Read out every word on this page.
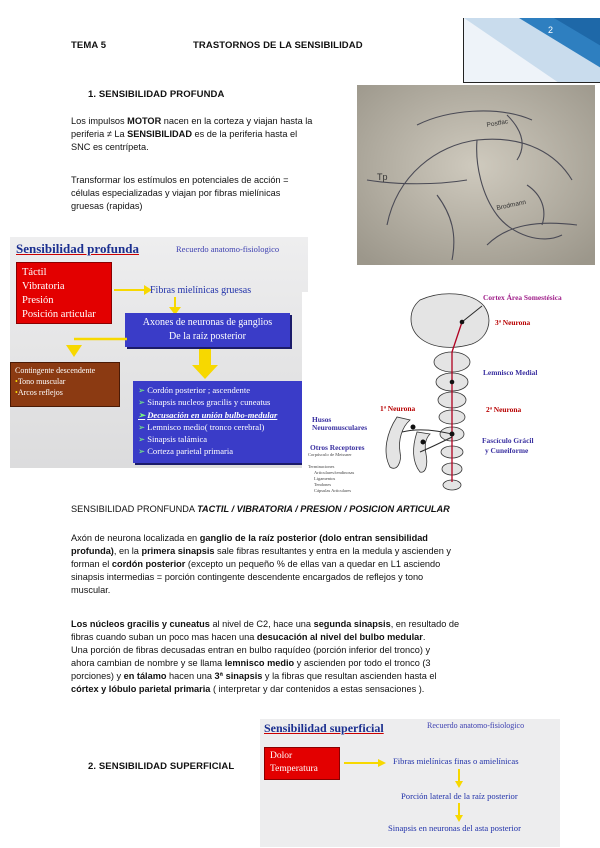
TEMA 5	TRASTORNOS DE LA SENSIBILIDAD
2
1. SENSIBILIDAD PROFUNDA
Los impulsos MOTOR nacen en la corteza y viajan hasta la
periferia ≠ La SENSIBILIDAD es de la periferia hasta el
SNC es centrípeta.
Transformar los estímulos en potenciales de acción =
células especializadas y viajan por fibras mielínicas
gruesas (rapidas)
Tp
Postfac
Brodmann
Sensibilidad profunda	Recuerdo anatomo-fisiologico
Táctil
Vibratoria
Presión
Posición articular
Fibras mielínicas gruesas
Axones de neuronas de ganglios
De la raíz posterior
Contingente descendente
•Tono muscular
•Arcos reflejos	➢ Cordón posterior ; ascendente
➢ Sinapsis nucleos gracilis y cuneatus
➢ Decusación en unión bulbo-medular
➢ Lemnisco medio( tronco cerebral)
➢ Sinapsis talámica
➢ Corteza parietal primaria
Cortex Área Somestésica
3ª Neurona
Lemnisco Medial
1ª Neurona	2ª Neurona
Husos
Neuromusculares
Otros Receptores
Fascículo Grácil
y Cuneiforme
Corpúsculo de Meissner
Terminaciones
Articulares/tendinosas
Ligamentos
Tendones
Cápsulas Articulares
SENSIBILIDAD PRONFUNDA TACTIL / VIBRATORIA / PRESION / POSICION ARTICULAR
Axón de neurona localizada en ganglio de la raíz posterior (dolo entran sensibilidad
profunda), en la primera sinapsis sale fibras resultantes y entra en la medula y ascienden y
forman el cordón posterior (excepto un pequeño % de ellas van a quedar en L1 asciendo
sinapsis intermedias = porción contingente descendente encargados de reflejos y tono
muscular.
Los núcleos gracilis y cuneatus al nivel de C2, hace una segunda sinapsis, en resultado de
fibras cuando suban un poco mas hacen una desucación al nivel del bulbo medular.
Una porción de fibras decusadas entran en bulbo raquídeo (porción inferior del tronco) y
ahora cambian de nombre y se llama lemnisco medio y ascienden por todo el tronco (3
porciones) y en tálamo hacen una 3ª sinapsis y la fibras que resultan ascienden hasta el
córtex y lóbulo parietal primaria ( interpretar y dar contenidos a estas sensaciones ).
2. SENSIBILIDAD SUPERFICIAL
Sensibilidad superficial	Recuerdo anatomo-fisiologico
Dolor
Temperatura
Fibras mielínicas finas o amielínicas
Porción lateral de la raíz posterior
Sinapsis en neuronas del asta posterior
